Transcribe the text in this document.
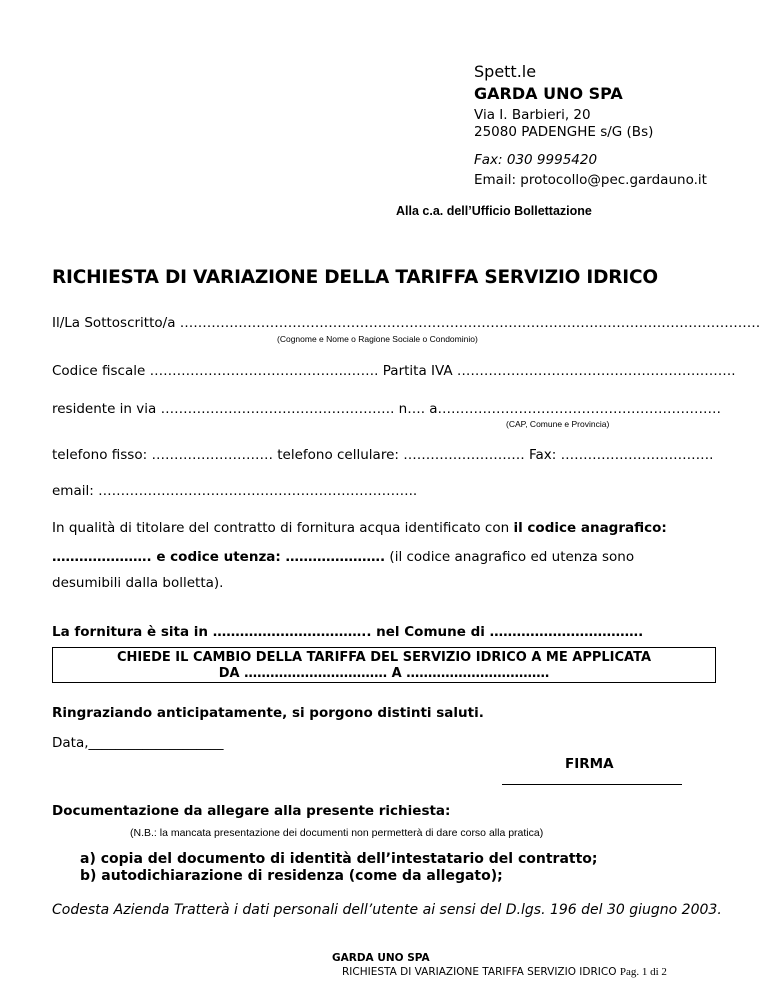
Spett.le
GARDA UNO SPA
Via I. Barbieri, 20
25080 PADENGHE s/G (Bs)
Fax: 030 9995420
Email: protocollo@pec.gardauno.it
Alla c.a. dell’Ufficio Bollettazione
RICHIESTA DI VARIAZIONE DELLA TARIFFA SERVIZIO IDRICO
Il/La Sottoscritto/a …………………………………………………………………………………………………………………
(Cognome e Nome o Ragione Sociale o Condominio)
Codice fiscale ……………………………………..……. Partita IVA ……………………………………………….…….
residente in via ……………………………………………. n…. a………………………………………………………
(CAP, Comune e Provincia)
telefono fisso: ……………………… telefono cellulare: ……………………… Fax: …………………………….
email: ……………………………………………………………..
In qualità di titolare del contratto di fornitura acqua identificato con il codice anagrafico:
…………………. e codice utenza: …………………. (il codice anagrafico ed utenza sono
desumibili dalla bolletta).
La fornitura è sita in …………………………….. nel Comune di …………………………….
CHIEDE IL CAMBIO DELLA TARIFFA DEL SERVIZIO IDRICO A ME APPLICATA
DA …………………………… A ……………………………
Ringraziando anticipatamente, si porgono distinti saluti.
Data,____________________
FIRMA
Documentazione da allegare alla presente richiesta:
(N.B.: la mancata presentazione dei documenti non permetterà di dare corso alla pratica)
a) copia del documento di identità dell’intestatario del contratto;
b) autodichiarazione di residenza (come da allegato);
Codesta Azienda Tratterà i dati personali dell’utente ai sensi del D.lgs. 196 del 30 giugno 2003.
GARDA UNO SPA
RICHIESTA DI VARIAZIONE TARIFFA SERVIZIO IDRICO Pag. 1 di 2
